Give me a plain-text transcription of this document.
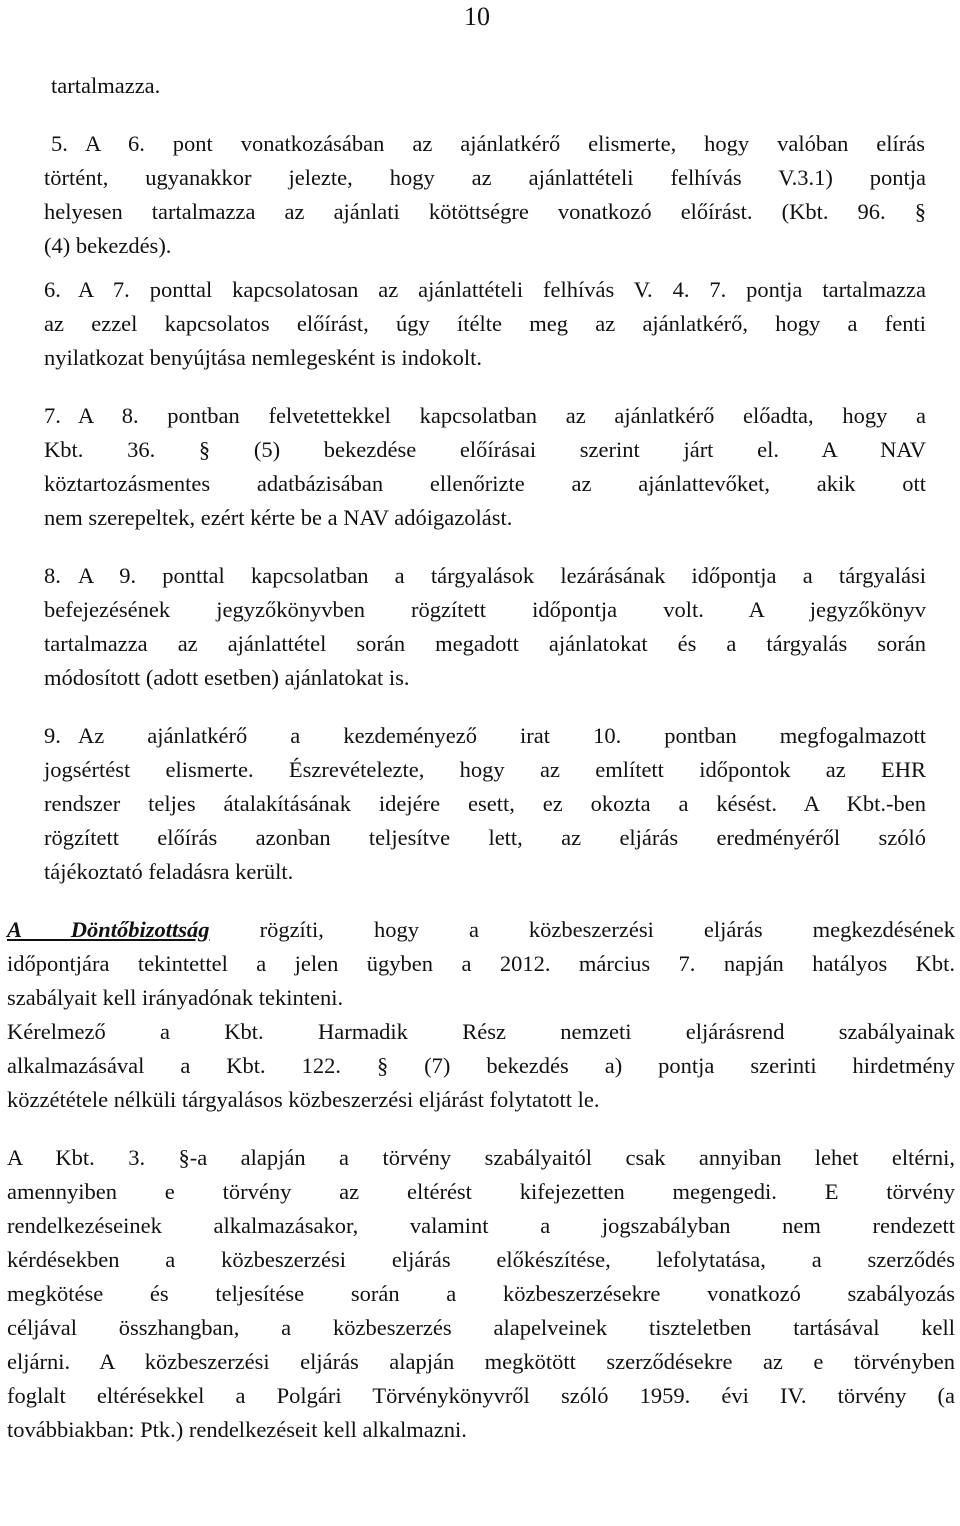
10
tartalmazza.
5. A 6. pont vonatkozásában az ajánlatkérő elismerte, hogy valóban elírás
történt, ugyanakkor jelezte, hogy az ajánlattételi felhívás V.3.1) pontja
helyesen tartalmazza az ajánlati kötöttségre vonatkozó előírást. (Kbt. 96. §
(4) bekezdés).
6. A 7. ponttal kapcsolatosan az ajánlattételi felhívás V. 4. 7. pontja tartalmazza
az ezzel kapcsolatos előírást, úgy ítélte meg az ajánlatkérő, hogy a fenti
nyilatkozat benyújtása nemlegesként is indokolt.
7. A 8. pontban felvetettekkel kapcsolatban az ajánlatkérő előadta, hogy a
Kbt. 36. § (5) bekezdése előírásai szerint járt el. A NAV
köztartozásmentes adatbázisában ellenőrizte az ajánlattevőket, akik ott
nem szerepeltek, ezért kérte be a NAV adóigazolást.
8. A 9. ponttal kapcsolatban a tárgyalások lezárásának időpontja a tárgyalási
befejezésének jegyzőkönyvben rögzített időpontja volt. A jegyzőkönyv
tartalmazza az ajánlattétel során megadott ajánlatokat és a tárgyalás során
módosított (adott esetben) ajánlatokat is.
9. Az ajánlatkérő a kezdeményező irat 10. pontban megfogalmazott
jogsértést elismerte. Észrevételezte, hogy az említett időpontok az EHR
rendszer teljes átalakításának idejére esett, ez okozta a késést. A Kbt.-ben
rögzített előírás azonban teljesítve lett, az eljárás eredményéről szóló
tájékoztató feladásra került.
A Döntőbizottság rögzíti, hogy a közbeszerzési eljárás megkezdésének
időpontjára tekintettel a jelen ügyben a 2012. március 7. napján hatályos Kbt.
szabályait kell irányadónak tekinteni.
Kérelmező a Kbt. Harmadik Rész nemzeti eljárásrend szabályainak
alkalmazásával a Kbt. 122. § (7) bekezdés a) pontja szerinti hirdetmény
közzététele nélküli tárgyalásos közbeszerzési eljárást folytatott le.
A Kbt. 3. §-a alapján a törvény szabályaitól csak annyiban lehet eltérni,
amennyiben e törvény az eltérést kifejezetten megengedi. E törvény
rendelkezéseinek alkalmazásakor, valamint a jogszabályban nem rendezett
kérdésekben a közbeszerzési eljárás előkészítése, lefolytatása, a szerződés
megkötése és teljesítése során a közbeszerzésekre vonatkozó szabályozás
céljával összhangban, a közbeszerzés alapelveinek tiszteletben tartásával kell
eljárni. A közbeszerzési eljárás alapján megkötött szerződésekre az e törvényben
foglalt eltérésekkel a Polgári Törvénykönyvről szóló 1959. évi IV. törvény (a
továbbiakban: Ptk.) rendelkezéseit kell alkalmazni.
